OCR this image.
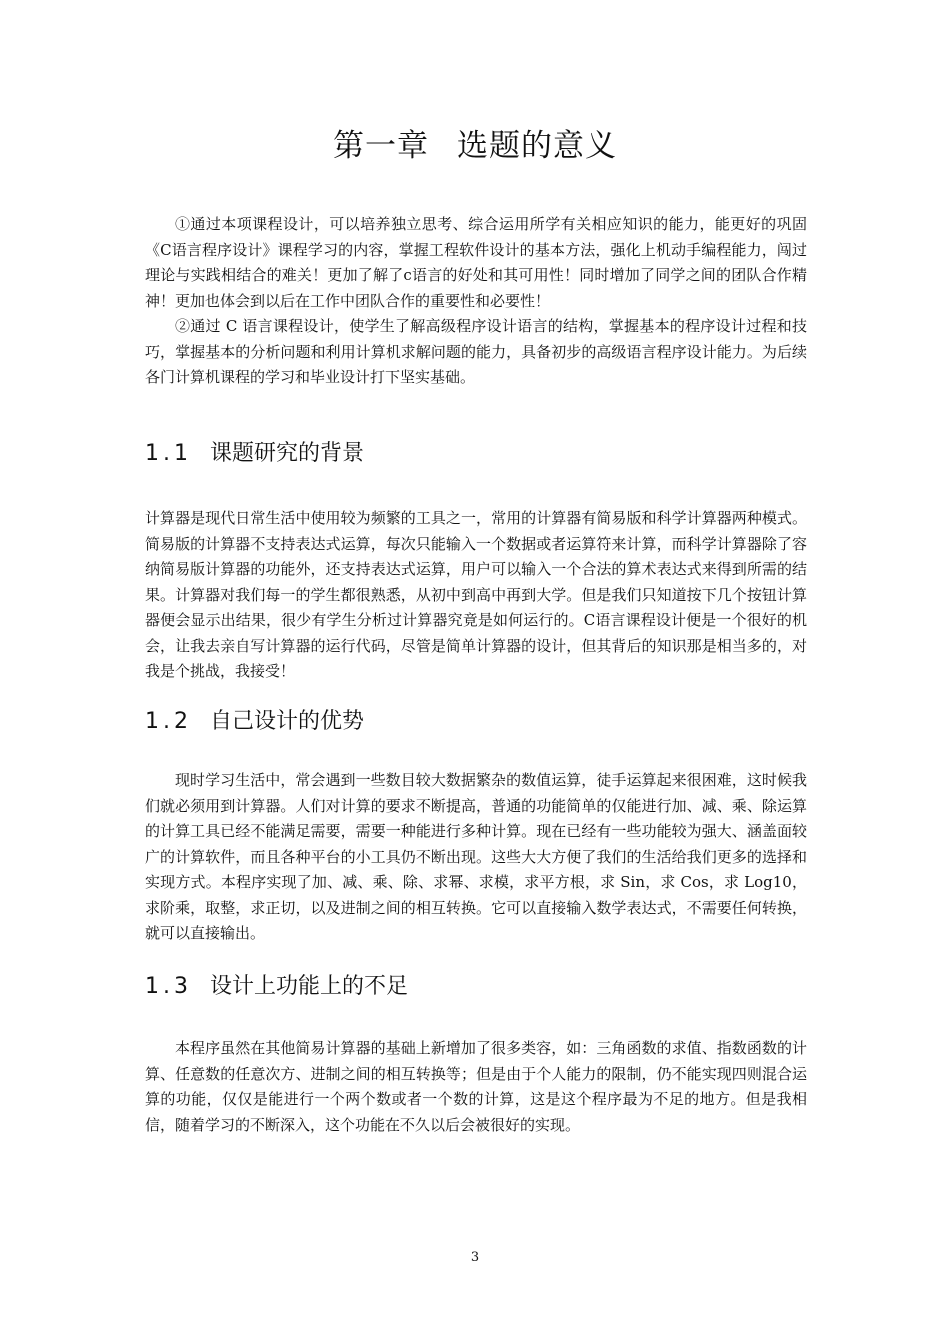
第一章 选题的意义

①通过本项课程设计，可以培养独立思考、综合运用所学有关相应知识的能力，能更好的巩固《C语言程序设计》课程学习的内容，掌握工程软件设计的基本方法，强化上机动手编程能力，闯过理论与实践相结合的难关！更加了解了c语言的好处和其可用性！同时增加了同学之间的团队合作精神！更加也体会到以后在工作中团队合作的重要性和必要性！

②通过 C 语言课程设计，使学生了解高级程序设计语言的结构，掌握基本的程序设计过程和技巧，掌握基本的分析问题和利用计算机求解问题的能力，具备初步的高级语言程序设计能力。为后续各门计算机课程的学习和毕业设计打下坚实基础。

1.1 课题研究的背景

计算器是现代日常生活中使用较为频繁的工具之一，常用的计算器有简易版和科学计算器两种模式。简易版的计算器不支持表达式运算，每次只能输入一个数据或者运算符来计算，而科学计算器除了容纳简易版计算器的功能外，还支持表达式运算，用户可以输入一个合法的算术表达式来得到所需的结果。计算器对我们每一的学生都很熟悉，从初中到高中再到大学。但是我们只知道按下几个按钮计算器便会显示出结果，很少有学生分析过计算器究竟是如何运行的。C语言课程设计便是一个很好的机会，让我去亲自写计算器的运行代码，尽管是简单计算器的设计，但其背后的知识那是相当多的，对我是个挑战，我接受！

1.2 自己设计的优势

现时学习生活中，常会遇到一些数目较大数据繁杂的数值运算，徒手运算起来很困难，这时候我们就必须用到计算器。人们对计算的要求不断提高，普通的功能简单的仅能进行加、减、乘、除运算的计算工具已经不能满足需要，需要一种能进行多种计算。现在已经有一些功能较为强大、涵盖面较广的计算软件，而且各种平台的小工具仍不断出现。这些大大方便了我们的生活给我们更多的选择和实现方式。本程序实现了加、减、乘、除、求幂、求模，求平方根，求 Sin，求 Cos，求 Log10，求阶乘，取整，求正切，以及进制之间的相互转换。它可以直接输入数学表达式，不需要任何转换，就可以直接输出。

1.3 设计上功能上的不足

本程序虽然在其他简易计算器的基础上新增加了很多类容，如：三角函数的求值、指数函数的计算、任意数的任意次方、进制之间的相互转换等；但是由于个人能力的限制，仍不能实现四则混合运算的功能，仅仅是能进行一个两个数或者一个数的计算，这是这个程序最为不足的地方。但是我相信，随着学习的不断深入，这个功能在不久以后会被很好的实现。

3
